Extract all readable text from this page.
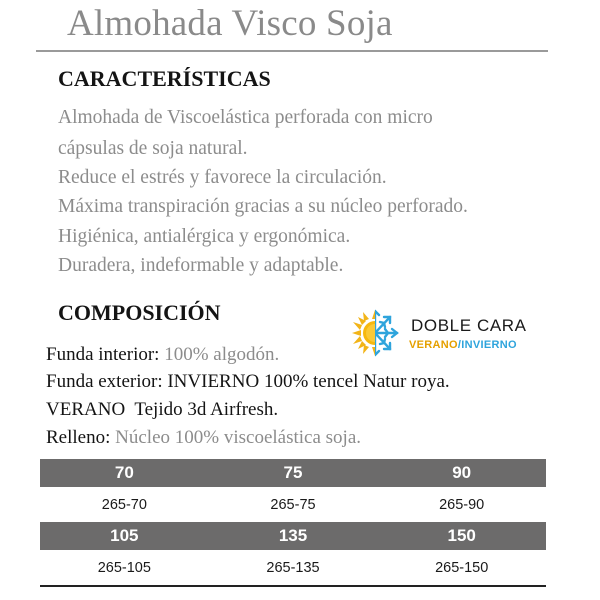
Almohada Visco Soja
CARACTERÍSTICAS
Almohada de Viscoelástica perforada con micro
cápsulas de soja natural.
Reduce el estrés y favorece la circulación.
Máxima transpiración gracias a su núcleo perforado.
Higiénica, antialérgica y ergonómica.
Duradera, indeformable y adaptable.
COMPOSICIÓN
DOBLE CARA
VERANO/INVIERNO
Funda interior: 100% algodón.
Funda exterior: INVIERNO 100% tencel Natur roya.
VERANO Tejido 3d Airfresh.
Relleno: Núcleo 100% viscoelástica soja.
70	75	90
265-70	265-75	265-90
105	135	150
265-105	265-135	265-150
